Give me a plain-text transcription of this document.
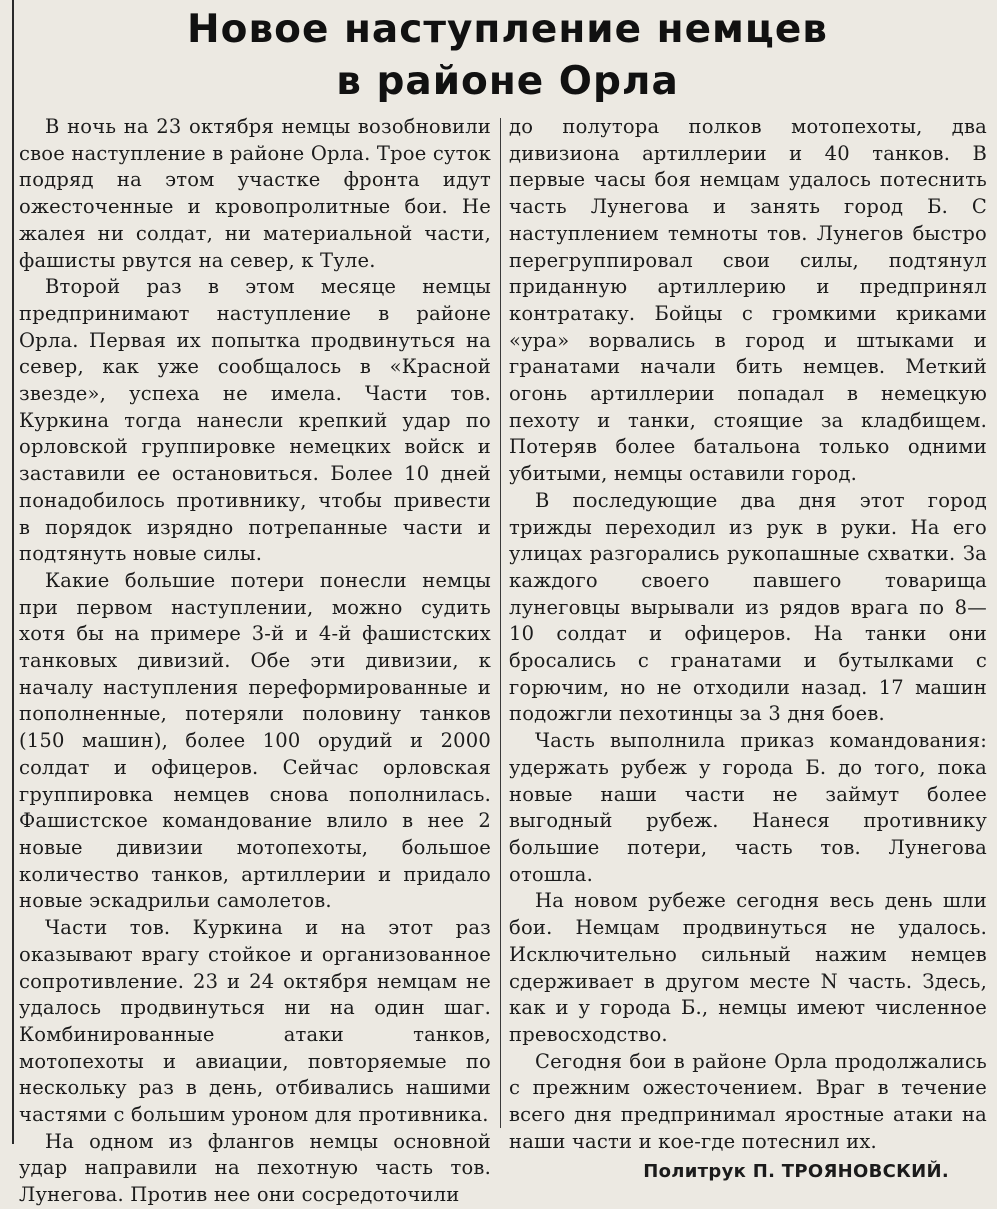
Новое наступление немцев
в районе Орла

В ночь на 23 октября немцы возобновили свое наступление в районе Орла. Трое суток подряд на этом участке фронта идут ожесточенные и кровопролитные бои. Не жалея ни солдат, ни материальной части, фашисты рвутся на север, к Туле.

Второй раз в этом месяце немцы предпринимают наступление в районе Орла. Первая их попытка продвинуться на север, как уже сообщалось в «Красной звезде», успеха не имела. Части тов. Куркина тогда нанесли крепкий удар по орловской группировке немецких войск и заставили ее остановиться. Более 10 дней понадобилось противнику, чтобы привести в порядок изрядно потрепанные части и подтянуть новые силы.

Какие большие потери понесли немцы при первом наступлении, можно судить хотя бы на примере 3-й и 4-й фашистских танковых дивизий. Обе эти дивизии, к началу наступления переформированные и пополненные, потеряли половину танков (150 машин), более 100 орудий и 2000 солдат и офицеров. Сейчас орловская группировка немцев снова пополнилась. Фашистское командование влило в нее 2 новые дивизии мотопехоты, большое количество танков, артиллерии и придало новые эскадрильи самолетов.

Части тов. Куркина и на этот раз оказывают врагу стойкое и организованное сопротивление. 23 и 24 октября немцам не удалось продвинуться ни на один шаг. Комбинированные атаки танков, мотопехоты и авиации, повторяемые по нескольку раз в день, отбивались нашими частями с большим уроном для противника.

На одном из флангов немцы основной удар направили на пехотную часть тов. Лунегова. Против нее они сосредоточили

до полутора полков мотопехоты, два дивизиона артиллерии и 40 танков. В первые часы боя немцам удалось потеснить часть Лунегова и занять город Б. С наступлением темноты тов. Лунегов быстро перегруппировал свои силы, подтянул приданную артиллерию и предпринял контратаку. Бойцы с громкими криками «ура» ворвались в город и штыками и гранатами начали бить немцев. Меткий огонь артиллерии попадал в немецкую пехоту и танки, стоящие за кладбищем. Потеряв более батальона только одними убитыми, немцы оставили город.

В последующие два дня этот город трижды переходил из рук в руки. На его улицах разгорались рукопашные схватки. За каждого своего павшего товарища лунеговцы вырывали из рядов врага по 8—10 солдат и офицеров. На танки они бросались с гранатами и бутылками с горючим, но не отходили назад. 17 машин подожгли пехотинцы за 3 дня боев.

Часть выполнила приказ командования: удержать рубеж у города Б. до того, пока новые наши части не займут более выгодный рубеж. Нанеся противнику большие потери, часть тов. Лунегова отошла.

На новом рубеже сегодня весь день шли бои. Немцам продвинуться не удалось. Исключительно сильный нажим немцев сдерживает в другом месте N часть. Здесь, как и у города Б., немцы имеют численное превосходство.

Сегодня бои в районе Орла продолжались с прежним ожесточением. Враг в течение всего дня предпринимал яростные атаки на наши части и кое-где потеснил их.

Политрук П. ТРОЯНОВСКИЙ.
